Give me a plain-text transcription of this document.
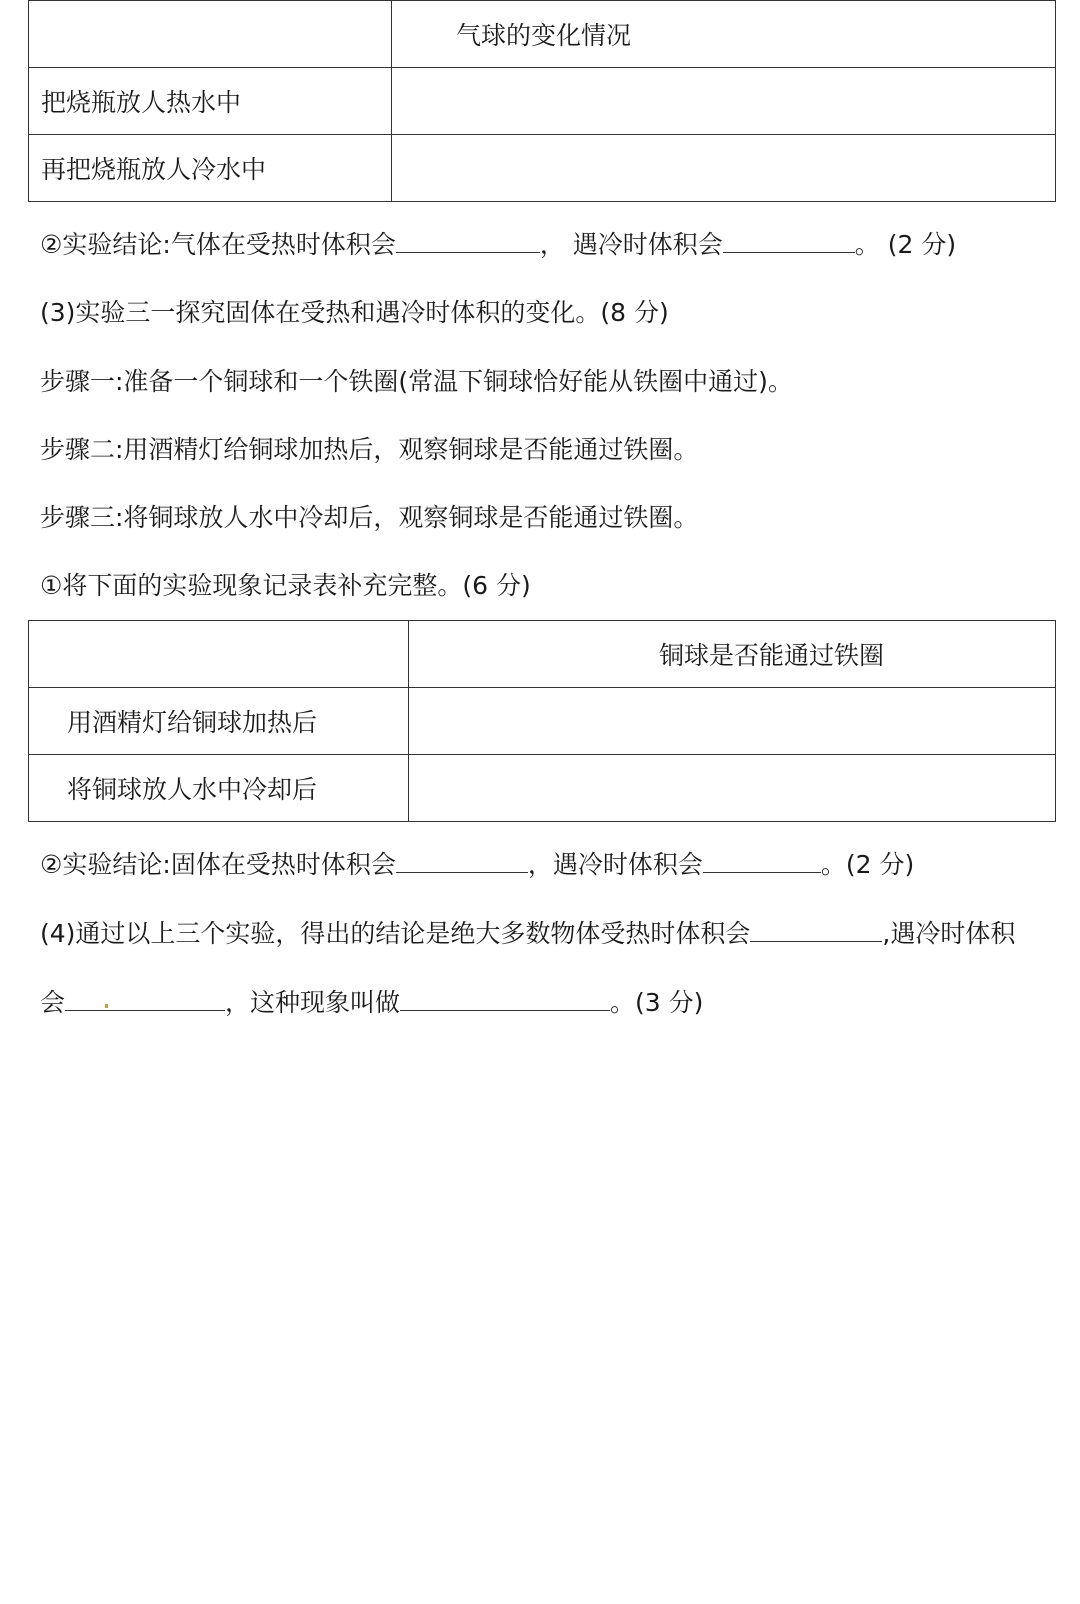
	气球的变化情况
把烧瓶放人热水中	
再把烧瓶放人冷水中	
②实验结论:气体在受热时体积会	， 遇冷时体积会	。 (2 分)
(3)实验三一探究固体在受热和遇冷时体积的变化。(8 分)
步骤一:准备一个铜球和一个铁圈(常温下铜球恰好能从铁圈中通过)。
步骤二:用酒精灯给铜球加热后，观察铜球是否能通过铁圈。
步骤三:将铜球放人水中冷却后，观察铜球是否能通过铁圈。
①将下面的实验现象记录表补充完整。(6 分)
	铜球是否能通过铁圈
用酒精灯给铜球加热后	
将铜球放人水中冷却后	
②实验结论:固体在受热时体积会	，遇冷时体积会	。(2 分)
(4)通过以上三个实验，得出的结论是绝大多数物体受热时体积会	,遇冷时体积
会	，这种现象叫做	。(3 分)
